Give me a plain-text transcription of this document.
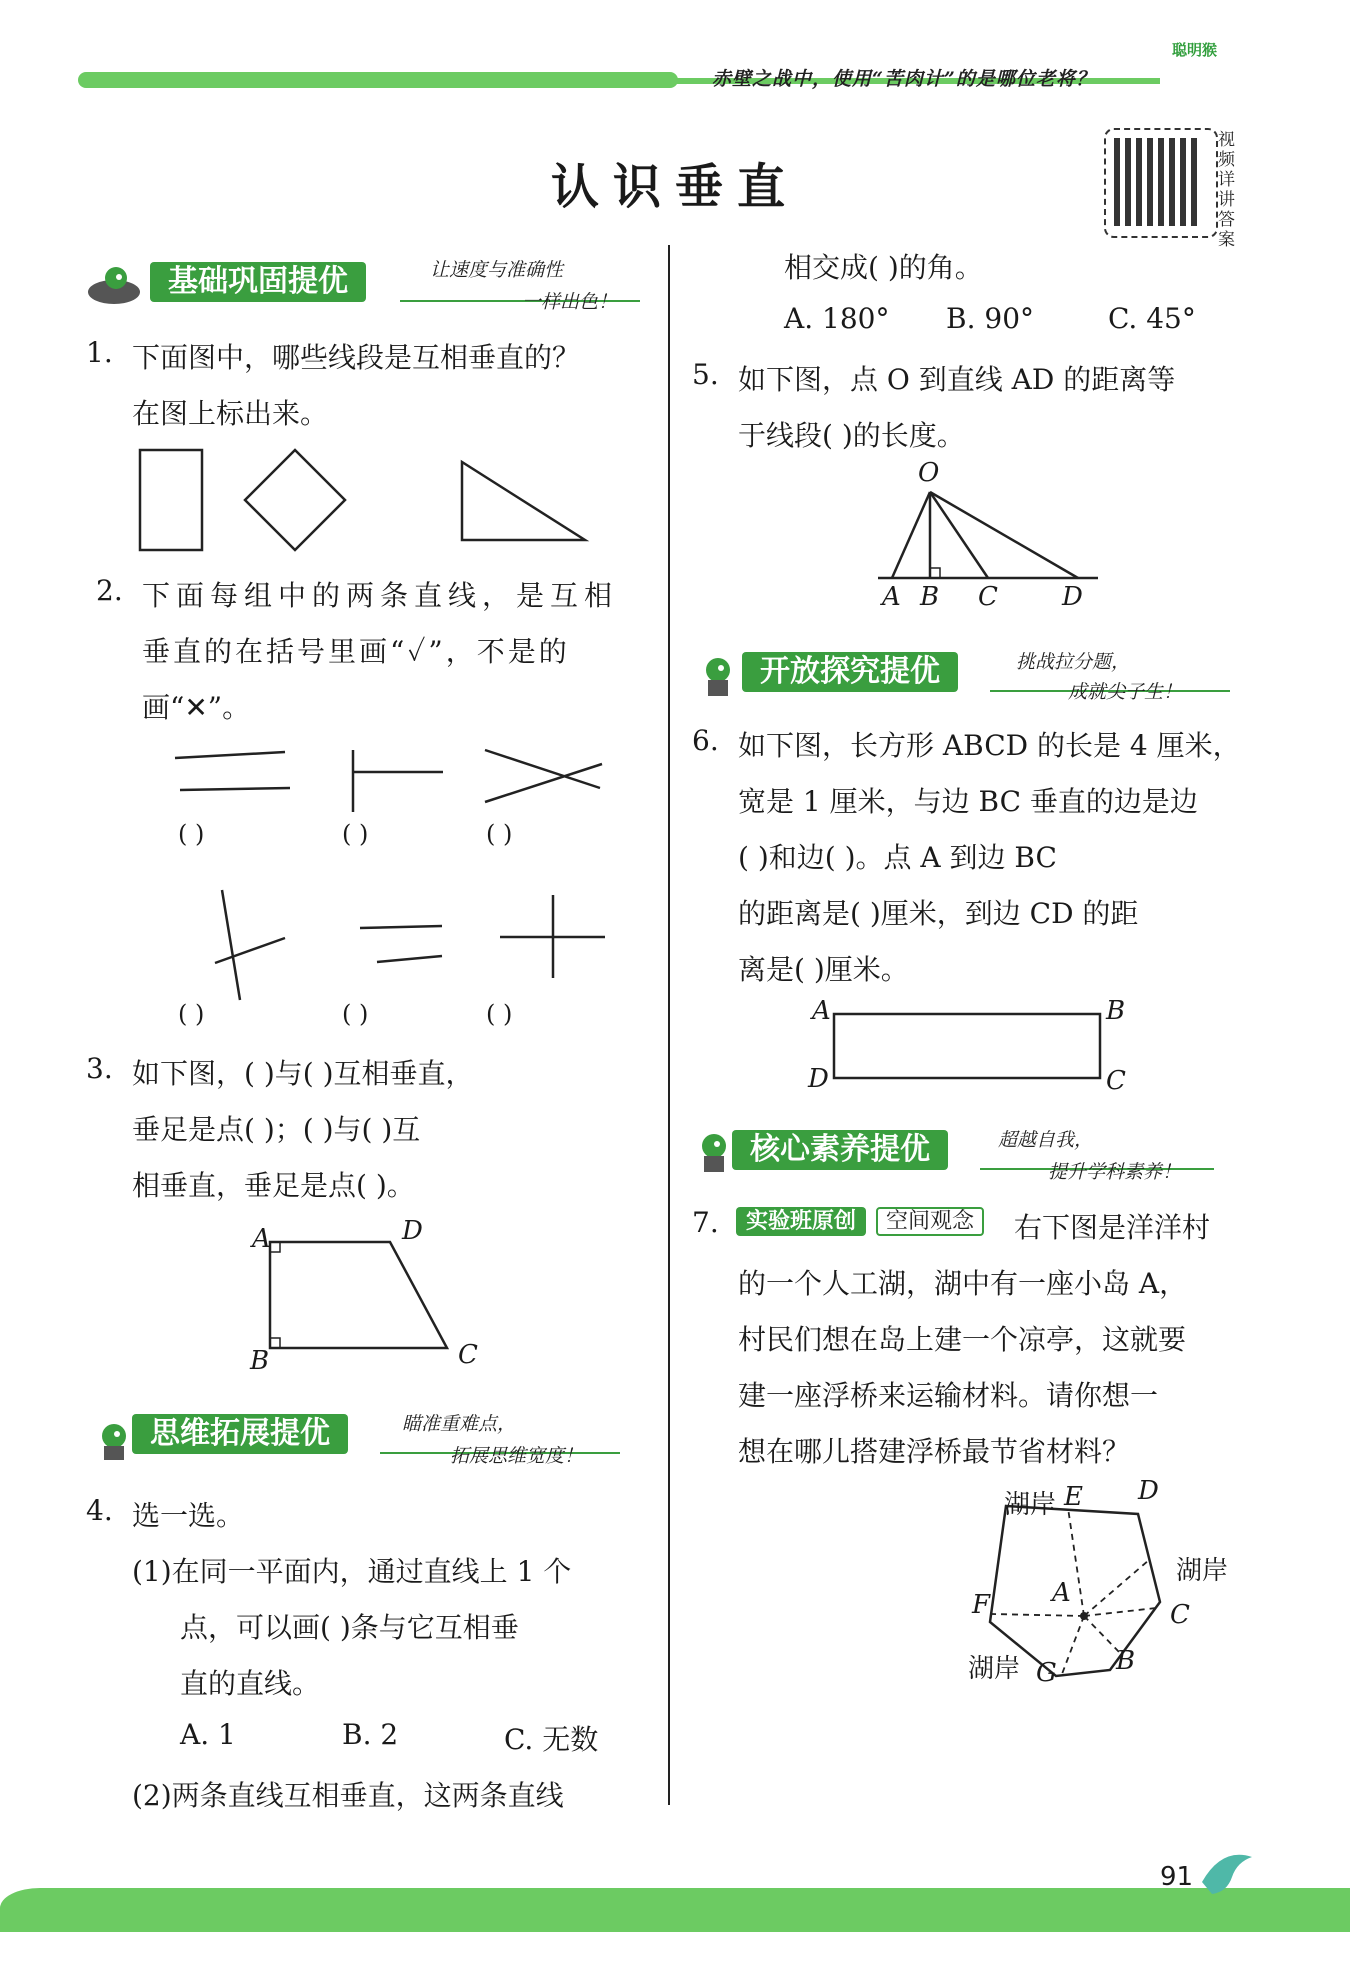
赤壁之战中，使用“苦肉计”的是哪位老将？
聪明猴
认识垂直
视频详讲答案
基础巩固提优	让速度与准确性
一样出色！
1. 下面图中，哪些线段是互相垂直的？
在图上标出来。
2. 下面每组中的两条直线，是互相
垂直的在括号里画“✓”，不是的
画“✕”。
( )	( )	( )
( )	( )	( )
3. 如下图，( )与( )互相垂直，
垂足是点( )；( )与( )互
相垂直，垂足是点( )。
A	D
B	C
思维拓展提优	瞄准重难点，
拓展思维宽度！
4. 选一选。
(1)在同一平面内，通过直线上 1 个
点，可以画( )条与它互相垂
直的直线。
A. 1	B. 2	C. 无数
(2)两条直线互相垂直，这两条直线
相交成( )的角。
A. 180° B. 90°	C. 45°
5. 如下图，点 O 到直线 AD 的距离等
于线段( )的长度。
O
A B C D
开放探究提优	挑战拉分题，
成就尖子生！
6. 如下图，长方形 ABCD 的长是 4 厘米，
宽是 1 厘米，与边 BC 垂直的边是边
( )和边( )。点 A 到边 BC
的距离是( )厘米，到边 CD 的距
离是( )厘米。
A	B
D	C
核心素养提优	超越自我，
提升学科素养！
7.	实验班原创	空间观念	右下图是洋洋村
的一个人工湖，湖中有一座小岛 A，
村民们想在岛上建一个凉亭，这就要
建一座浮桥来运输材料。请你想一
想在哪儿搭建浮桥最节省材料？
湖岸 E D
湖岸
A
F	C
湖岸 G B
91
